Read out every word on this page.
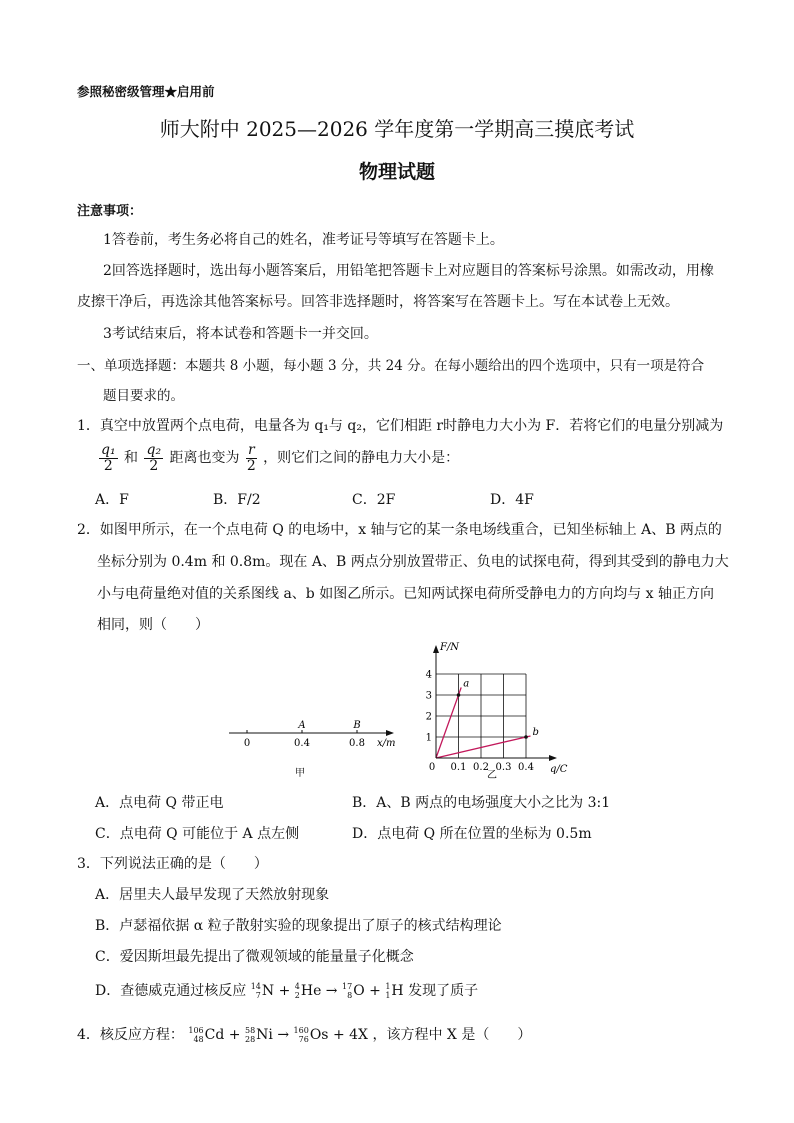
参照秘密级管理★启用前
师大附中 2025—2026 学年度第一学期高三摸底考试
物理试题
注意事项：
1答卷前，考生务必将自己的姓名，准考证号等填写在答题卡上。
2回答选择题时，选出每小题答案后，用铅笔把答题卡上对应题目的答案标号涂黑。如需改动，用橡
皮擦干净后，再选涂其他答案标号。回答非选择题时，将答案写在答题卡上。写在本试卷上无效。
3考试结束后，将本试卷和答题卡一并交回。
一、单项选择题：本题共 8 小题，每小题 3 分，共 24 分。在每小题给出的四个选项中，只有一项是符合
题目要求的。
1．真空中放置两个点电荷，电量各为 q₁与 q₂，它们相距 r时静电力大小为 F．若将它们的电量分别减为
$\frac{\text{q₁}}{2}$ 和 $\frac{\text{q₂}}{2}$ 距离也变为 $\frac{r}{2}$ ，则它们之间的静电力大小是：
A．F	B．F/2	C．2F	D．4F
2．如图甲所示，在一个点电荷 Q 的电场中，x 轴与它的某一条电场线重合，已知坐标轴上 A、B 两点的
坐标分别为 0.4m 和 0.8m。现在 A、B 两点分别放置带正、负电的试探电荷，得到其受到的静电力大
小与电荷量绝对值的关系图线 a、b 如图乙所示。已知两试探电荷所受静电力的方向均与 x 轴正方向
相同，则（　　）
A	B
0	0.4	0.8 x/m
甲
a
b
1
2
3
4
0 0.1 0.2 0.3 0.4
F/N
q/C
乙
A．点电荷 Q 带正电	B．A、B 两点的电场强度大小之比为 3:1
C．点电荷 Q 可能位于 A 点左侧	D．点电荷 Q 所在位置的坐标为 0.5m
3．下列说法正确的是（　　）
A．居里夫人最早发现了天然放射现象
B．卢瑟福依据 α 粒子散射实验的现象提出了原子的核式结构理论
C．爱因斯坦最先提出了微观领域的能量量子化概念
D．查德威克通过核反应 14
7 N + 4
2 He → 17
8 O + 1
1 H 发现了质子
4．核反应方程： 106
48 Cd + 58
28 Ni → 160
76 Os + 4X ，该方程中 X 是（　　）
